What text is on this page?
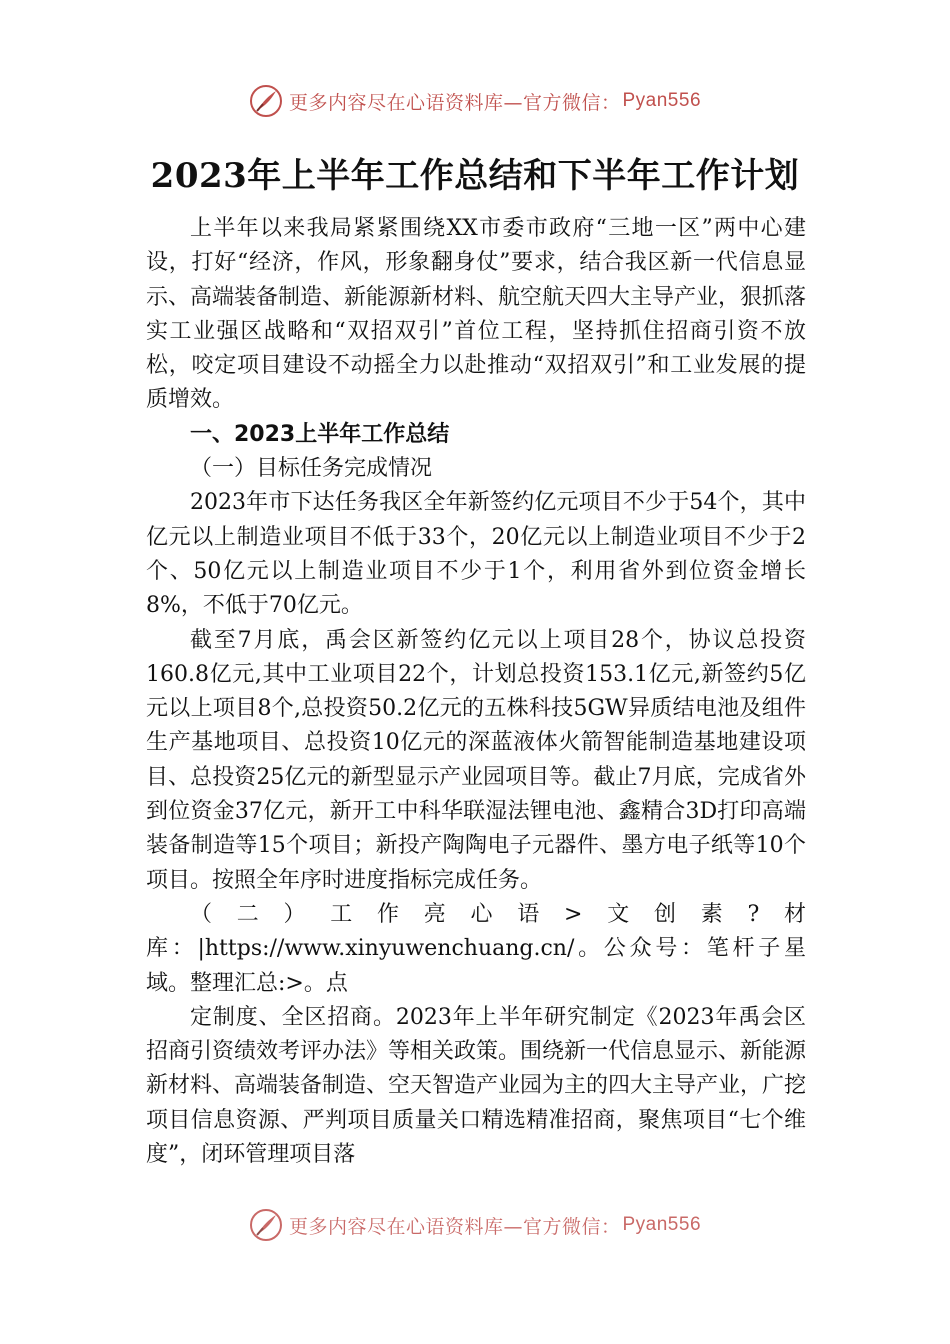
更多内容尽在心语资料库—官方微信： Pyan556
2023年上半年工作总结和下半年工作计划

上半年以来我局紧紧围绕XX市委市政府“三地一区”两中心建设，打好“经济，作风，形象翻身仗”要求，结合我区新一代信息显示、高端装备制造、新能源新材料、航空航天四大主导产业，狠抓落实工业强区战略和“双招双引”首位工程，坚持抓住招商引资不放松，咬定项目建设不动摇全力以赴推动“双招双引”和工业发展的提质增效。

一、2023上半年工作总结

（一）目标任务完成情况

2023年市下达任务我区全年新签约亿元项目不少于54个，其中亿元以上制造业项目不低于33个，20亿元以上制造业项目不少于2个、50亿元以上制造业项目不少于1个，利用省外到位资金增长8%，不低于70亿元。

截至7月底，禹会区新签约亿元以上项目28个，协议总投资160.8亿元,其中工业项目22个，计划总投资153.1亿元,新签约5亿元以上项目8个,总投资50.2亿元的五株科技5GW异质结电池及组件生产基地项目、总投资10亿元的深蓝液体火箭智能制造基地建设项目、总投资25亿元的新型显示产业园项目等。截止7月底，完成省外到位资金37亿元，新开工中科华联湿法锂电池、鑫精合3D打印高端装备制造等15个项目；新投产陶陶电子元器件、墨方电子纸等10个项目。按照全年序时进度指标完成任务。

（二）工作亮心语>文创素?材库：|https://www.xinyuwenchuang.cn/。公众号：笔杆子星域。整理汇总:>。点

定制度、全区招商。2023年上半年研究制定《2023年禹会区招商引资绩效考评办法》等相关政策。围绕新一代信息显示、新能源新材料、高端装备制造、空天智造产业园为主的四大主导产业，广挖项目信息资源、严判项目质量关口精选精准招商，聚焦项目“七个维度”，闭环管理项目落

更多内容尽在心语资料库—官方微信： Pyan556
